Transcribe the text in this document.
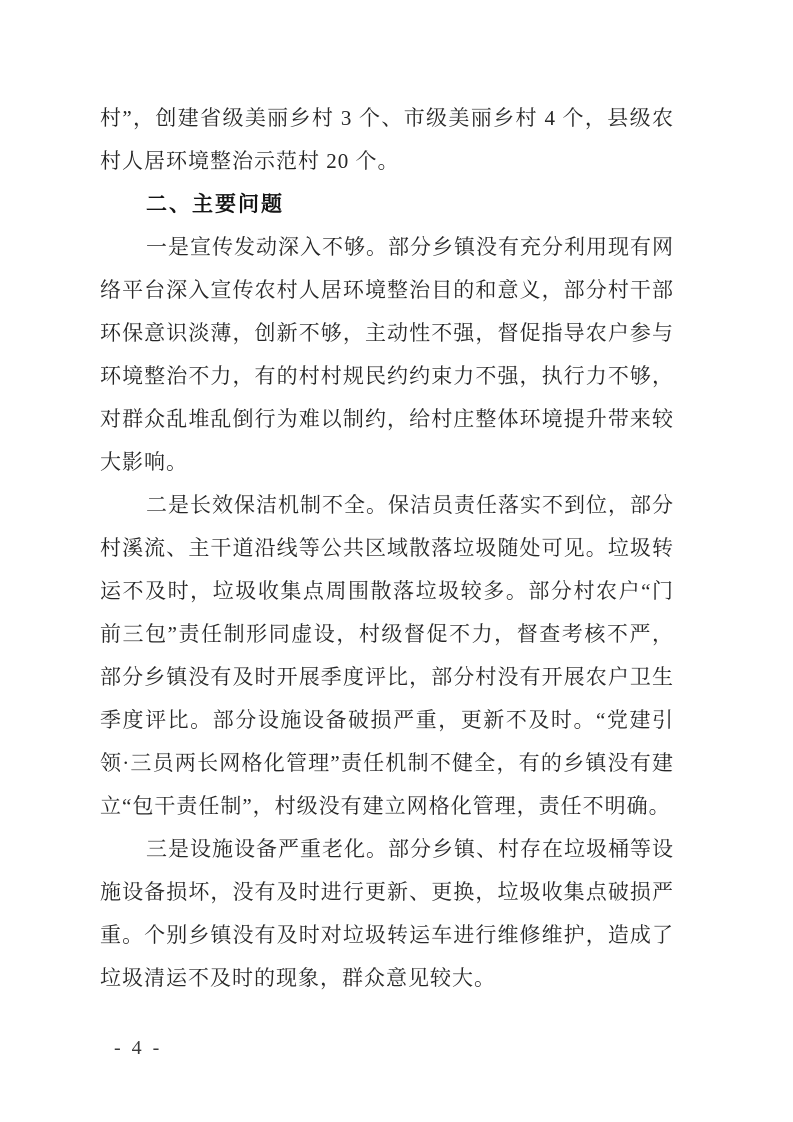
村”，创建省级美丽乡村 3 个、市级美丽乡村 4 个，县级农村人居环境整治示范村 20 个。

二、主要问题

一是宣传发动深入不够。部分乡镇没有充分利用现有网络平台深入宣传农村人居环境整治目的和意义，部分村干部环保意识淡薄，创新不够，主动性不强，督促指导农户参与环境整治不力，有的村村规民约约束力不强，执行力不够，对群众乱堆乱倒行为难以制约，给村庄整体环境提升带来较大影响。

二是长效保洁机制不全。保洁员责任落实不到位，部分村溪流、主干道沿线等公共区域散落垃圾随处可见。垃圾转运不及时，垃圾收集点周围散落垃圾较多。部分村农户“门前三包”责任制形同虚设，村级督促不力，督查考核不严，部分乡镇没有及时开展季度评比，部分村没有开展农户卫生季度评比。部分设施设备破损严重，更新不及时。“党建引领·三员两长网格化管理”责任机制不健全，有的乡镇没有建立“包干责任制”，村级没有建立网格化管理，责任不明确。

三是设施设备严重老化。部分乡镇、村存在垃圾桶等设施设备损坏，没有及时进行更新、更换，垃圾收集点破损严重。个别乡镇没有及时对垃圾转运车进行维修维护，造成了垃圾清运不及时的现象，群众意见较大。

- 4 -
